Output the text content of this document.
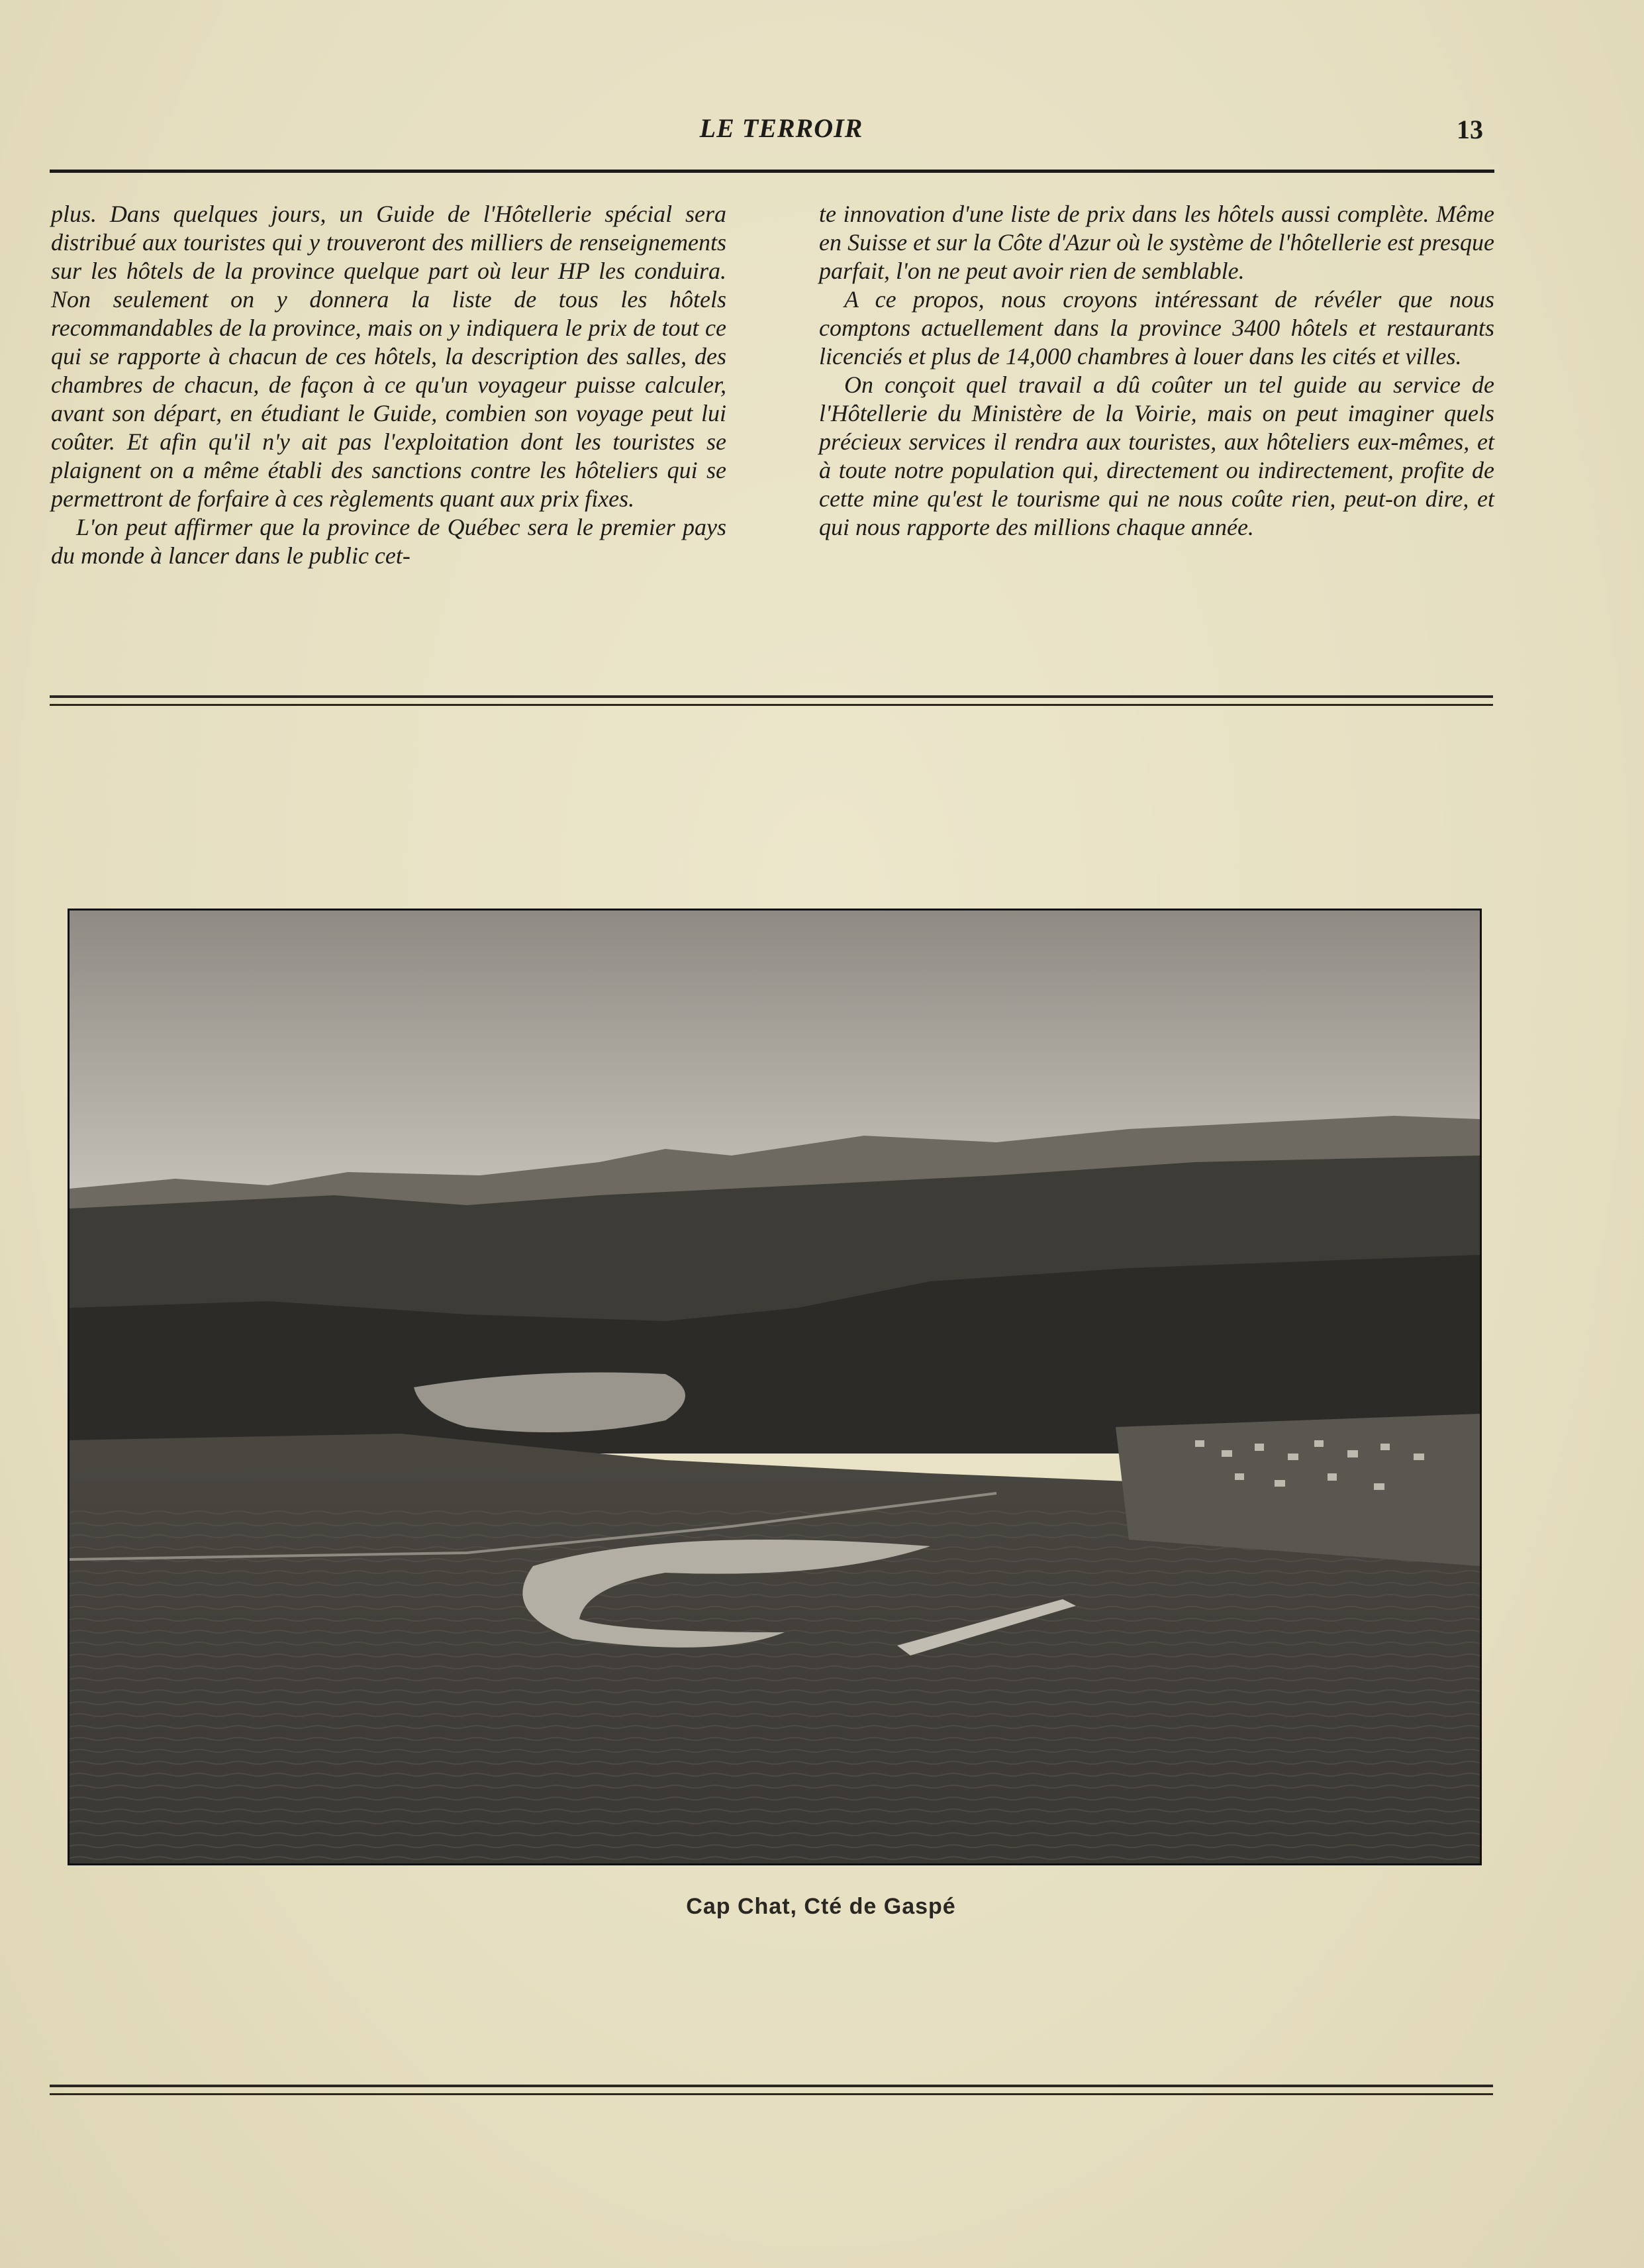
LE TERROIR	13

plus. Dans quelques jours, un Guide de l'Hôtellerie spécial sera distribué aux touristes qui y trouveront des milliers de renseignements sur les hôtels de la province quelque part où leur HP les conduira. Non seulement on y donnera la liste de tous les hôtels recommandables de la province, mais on y indiquera le prix de tout ce qui se rapporte à chacun de ces hôtels, la description des salles, des chambres de chacun, de façon à ce qu'un voyageur puisse calculer, avant son départ, en étudiant le Guide, combien son voyage peut lui coûter. Et afin qu'il n'y ait pas l'exploitation dont les touristes se plaignent on a même établi des sanctions contre les hôteliers qui se permettront de forfaire à ces règlements quant aux prix fixes.

L'on peut affirmer que la province de Québec sera le premier pays du monde à lancer dans le public cet-

te innovation d'une liste de prix dans les hôtels aussi complète. Même en Suisse et sur la Côte d'Azur où le système de l'hôtellerie est presque parfait, l'on ne peut avoir rien de semblable.

A ce propos, nous croyons intéressant de révéler que nous comptons actuellement dans la province 3400 hôtels et restaurants licenciés et plus de 14,000 chambres à louer dans les cités et villes.

On conçoit quel travail a dû coûter un tel guide au service de l'Hôtellerie du Ministère de la Voirie, mais on peut imaginer quels précieux services il rendra aux touristes, aux hôteliers eux-mêmes, et à toute notre population qui, directement ou indirectement, profite de cette mine qu'est le tourisme qui ne nous coûte rien, peut-on dire, et qui nous rapporte des millions chaque année.

Cap Chat, Cté de Gaspé
